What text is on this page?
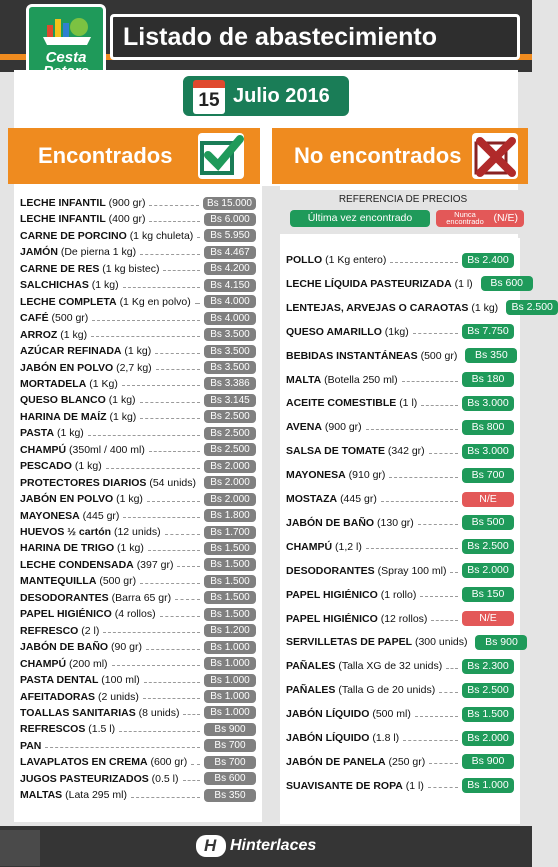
Listado de abastecimiento
Cesta
15 Julio 2016
Encontrados	No encontrados
REFERENCIA DE PRECIOS
Última vez encontrado	Nunca encontrado (N/E)
LECHE INFANTIL (900 gr)	Bs 15.000
LECHE INFANTIL (400 gr)	Bs 6.000
CARNE DE PORCINO (1 kg chuleta)	Bs 5.950
JAMÓN (De pierna 1 kg)	Bs 4.467
CARNE DE RES (1 kg bistec)	Bs 4.200
SALCHICHAS (1 kg)	Bs 4.150
LECHE COMPLETA (1 Kg en polvo)	Bs 4.000
CAFÉ (500 gr)	Bs 4.000
ARROZ (1 kg)	Bs 3.500
AZÚCAR REFINADA (1 kg)	Bs 3.500
JABÓN EN POLVO (2,7 kg)	Bs 3.500
MORTADELA (1 Kg)	Bs 3.386
QUESO BLANCO (1 kg)	Bs 3.145
HARINA DE MAÍZ (1 kg)	Bs 2.500
PASTA (1 kg)	Bs 2.500
CHAMPÚ (350ml / 400 ml)	Bs 2.500
PESCADO (1 kg)	Bs 2.000
PROTECTORES DIARIOS (54 unids)	Bs 2.000
JABÓN EN POLVO (1 kg)	Bs 2.000
MAYONESA (445 gr)	Bs 1.800
HUEVOS ½ cartón (12 unids)	Bs 1.700
HARINA DE TRIGO (1 kg)	Bs 1.500
LECHE CONDENSADA (397 gr)	Bs 1.500
MANTEQUILLA (500 gr)	Bs 1.500
DESODORANTES (Barra 65 gr)	Bs 1.500
PAPEL HIGIÉNICO (4 rollos)	Bs 1.500
REFRESCO (2 l)	Bs 1.200
JABÓN DE BAÑO (90 gr)	Bs 1.000
CHAMPÚ (200 ml)	Bs 1.000
PASTA DENTAL (100 ml)	Bs 1.000
AFEITADORAS (2 unids)	Bs 1.000
TOALLAS SANITARIAS (8 unids)	Bs 1.000
REFRESCOS (1.5 l)	Bs 900
PAN	Bs 700
LAVAPLATOS EN CREMA (600 gr)	Bs 700
JUGOS PASTEURIZADOS (0.5 l)	Bs 600
MALTAS (Lata 295 ml)	Bs 350
POLLO (1 Kg entero)	Bs 2.400
LECHE LÍQUIDA PASTEURIZADA (1 l)	Bs 600
LENTEJAS, ARVEJAS O CARAOTAS (1 kg)	Bs 2.500
QUESO AMARILLO (1kg)	Bs 7.750
BEBIDAS INSTANTÁNEAS (500 gr)	Bs 350
MALTA (Botella 250 ml)	Bs 180
ACEITE COMESTIBLE (1 l)	Bs 3.000
AVENA (900 gr)	Bs 800
SALSA DE TOMATE (342 gr)	Bs 3.000
MAYONESA (910 gr)	Bs 700
MOSTAZA (445 gr)	N/E
JABÓN DE BAÑO (130 gr)	Bs 500
CHAMPÚ (1,2 l)	Bs 2.500
DESODORANTES (Spray 100 ml)	Bs 2.000
PAPEL HIGIÉNICO (1 rollo)	Bs 150
PAPEL HIGIÉNICO (12 rollos)	N/E
SERVILLETAS DE PAPEL (300 unids)	Bs 900
PAÑALES (Talla XG de 32 unids)	Bs 2.300
PAÑALES (Talla G de 20 unids)	Bs 2.500
JABÓN LÍQUIDO (500 ml)	Bs 1.500
JABÓN LÍQUIDO (1.8 l)	Bs 2.000
JABÓN DE PANELA (250 gr)	Bs 900
SUAVISANTE DE ROPA (1 l)	Bs 1.000
HHinterlaces
